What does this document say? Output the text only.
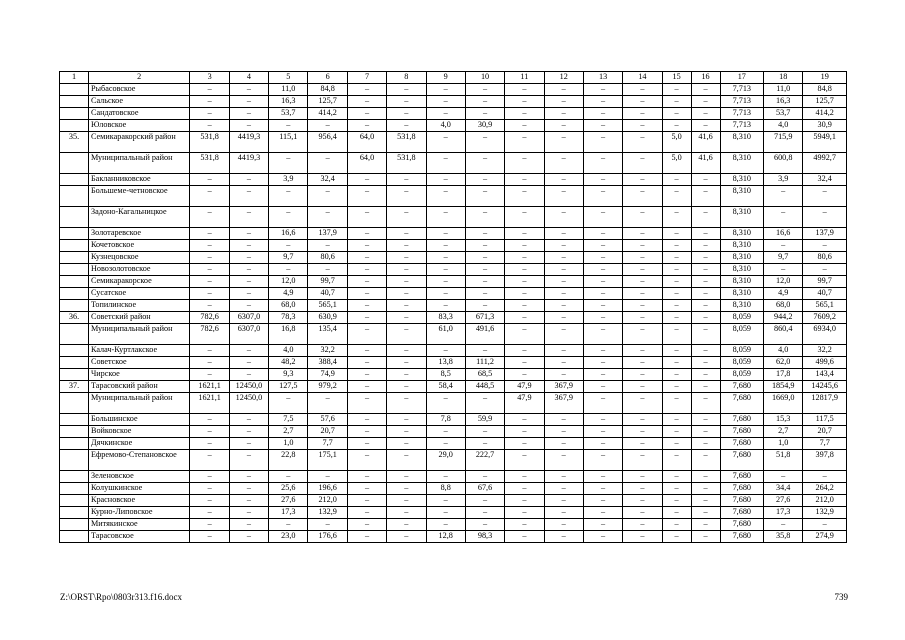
1	2	3	4	5	6	7	8	9	10	11	12	13	14	15	16	17	18	19
	Рыбасовское	–	–	11,0	84,8	–	–	–	–	–	–	–	–	–	–	7,713	11,0	84,8
	Сальское	–	–	16,3	125,7	–	–	–	–	–	–	–	–	–	–	7,713	16,3	125,7
	Сандатовское	–	–	53,7	414,2	–	–	–	–	–	–	–	–	–	–	7,713	53,7	414,2
	Юловское	–	–	–	–	–	–	4,0	30,9	–	–	–	–	–	–	7,713	4,0	30,9
35.	Семикаракорский район	531,8	4419,3	115,1	956,4	64,0	531,8	–	–	–	–	–	–	5,0	41,6	8,310	715,9	5949,1
	Муниципальный район	531,8	4419,3	–	–	64,0	531,8	–	–	–	–	–	–	5,0	41,6	8,310	600,8	4992,7
	Бакланниковское	–	–	3,9	32,4	–	–	–	–	–	–	–	–	–	–	8,310	3,9	32,4
	Большеме-четновское	–	–	–	–	–	–	–	–	–	–	–	–	–	–	8,310	–	–
	Задоно-Кагальницкое	–	–	–	–	–	–	–	–	–	–	–	–	–	–	8,310	–	–
	Золотаревское	–	–	16,6	137,9	–	–	–	–	–	–	–	–	–	–	8,310	16,6	137,9
	Кочетовское	–	–	–	–	–	–	–	–	–	–	–	–	–	–	8,310	–	–
	Кузнецовское	–	–	9,7	80,6	–	–	–	–	–	–	–	–	–	–	8,310	9,7	80,6
	Новозолотовское	–	–	–	–	–	–	–	–	–	–	–	–	–	–	8,310	–	–
	Семикаракорское	–	–	12,0	99,7	–	–	–	–	–	–	–	–	–	–	8,310	12,0	99,7
	Сусатское	–	–	4,9	40,7	–	–	–	–	–	–	–	–	–	–	8,310	4,9	40,7
	Топилинское	–	–	68,0	565,1	–	–	–	–	–	–	–	–	–	–	8,310	68,0	565,1
36.	Советский район	782,6	6307,0	78,3	630,9	–	–	83,3	671,3	–	–	–	–	–	–	8,059	944,2	7609,2
	Муниципальный район	782,6	6307,0	16,8	135,4	–	–	61,0	491,6	–	–	–	–	–	–	8,059	860,4	6934,0
	Калач-Куртлакское	–	–	4,0	32,2	–	–	–	–	–	–	–	–	–	–	8,059	4,0	32,2
	Советское	–	–	48,2	388,4	–	–	13,8	111,2	–	–	–	–	–	–	8,059	62,0	499,6
	Чирское	–	–	9,3	74,9	–	–	8,5	68,5	–	–	–	–	–	–	8,059	17,8	143,4
37.	Тарасовский район	1621,1	12450,0	127,5	979,2	–	–	58,4	448,5	47,9	367,9	–	–	–	–	7,680	1854,9	14245,6
	Муниципальный район	1621,1	12450,0	–	–	–	–	–	–	47,9	367,9	–	–	–	–	7,680	1669,0	12817,9
	Большинское	–	–	7,5	57,6	–	–	7,8	59,9	–	–	–	–	–	–	7,680	15,3	117,5
	Войковское	–	–	2,7	20,7	–	–	–	–	–	–	–	–	–	–	7,680	2,7	20,7
	Дячкинское	–	–	1,0	7,7	–	–	–	–	–	–	–	–	–	–	7,680	1,0	7,7
	Ефремово-Степановское	–	–	22,8	175,1	–	–	29,0	222,7	–	–	–	–	–	–	7,680	51,8	397,8
	Зеленовское	–	–	–	–	–	–	–	–	–	–	–	–	–	–	7,680	–	–
	Колушкинское	–	–	25,6	196,6	–	–	8,8	67,6	–	–	–	–	–	–	7,680	34,4	264,2
	Красновское	–	–	27,6	212,0	–	–	–	–	–	–	–	–	–	–	7,680	27,6	212,0
	Курно-Липовское	–	–	17,3	132,9	–	–	–	–	–	–	–	–	–	–	7,680	17,3	132,9
	Митякинское	–	–	–	–	–	–	–	–	–	–	–	–	–	–	7,680	–	–
	Тарасовское	–	–	23,0	176,6	–	–	12,8	98,3	–	–	–	–	–	–	7,680	35,8	274,9
Z:\ORST\Rpo\0803r313.f16.docx	739
